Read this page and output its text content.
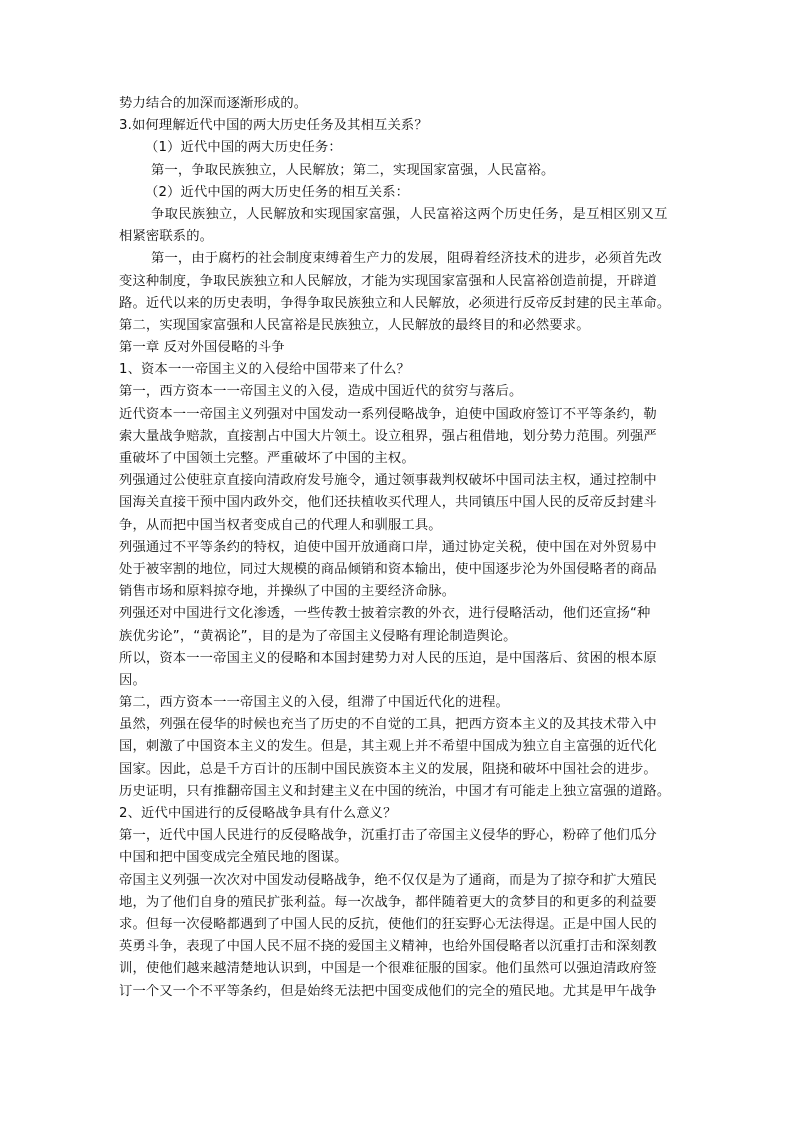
势力结合的加深而逐渐形成的。
3.如何理解近代中国的两大历史任务及其相互关系？
（1）近代中国的两大历史任务：
第一，争取民族独立，人民解放；第二，实现国家富强，人民富裕。
（2）近代中国的两大历史任务的相互关系：
争取民族独立，人民解放和实现国家富强，人民富裕这两个历史任务，是互相区别又互
相紧密联系的。
第一，由于腐朽的社会制度束缚着生产力的发展，阻碍着经济技术的进步，必须首先改
变这种制度，争取民族独立和人民解放，才能为实现国家富强和人民富裕创造前提，开辟道
路。近代以来的历史表明，争得争取民族独立和人民解放，必须进行反帝反封建的民主革命。
第二，实现国家富强和人民富裕是民族独立，人民解放的最终目的和必然要求。
第一章 反对外国侵略的斗争
1、资本一一帝国主义的入侵给中国带来了什么？
第一，西方资本一一帝国主义的入侵，造成中国近代的贫穷与落后。
近代资本一一帝国主义列强对中国发动一系列侵略战争，迫使中国政府签订不平等条约，勒
索大量战争赔款，直接割占中国大片领土。设立租界，强占租借地，划分势力范围。列强严
重破坏了中国领土完整。严重破坏了中国的主权。
列强通过公使驻京直接向清政府发号施令，通过领事裁判权破坏中国司法主权，通过控制中
国海关直接干预中国内政外交，他们还扶植收买代理人，共同镇压中国人民的反帝反封建斗
争，从而把中国当权者变成自己的代理人和驯服工具。
列强通过不平等条约的特权，迫使中国开放通商口岸，通过协定关税，使中国在对外贸易中
处于被宰割的地位，同过大规模的商品倾销和资本输出，使中国逐步沦为外国侵略者的商品
销售市场和原料掠夺地，并操纵了中国的主要经济命脉。
列强还对中国进行文化渗透，一些传教士披着宗教的外衣，进行侵略活动，他们还宣扬“种
族优劣论”，“黄祸论”，目的是为了帝国主义侵略有理论制造舆论。
所以，资本一一帝国主义的侵略和本国封建势力对人民的压迫，是中国落后、贫困的根本原
因。
第二，西方资本一一帝国主义的入侵，组滞了中国近代化的进程。
虽然，列强在侵华的时候也充当了历史的不自觉的工具，把西方资本主义的及其技术带入中
国，刺激了中国资本主义的发生。但是，其主观上并不希望中国成为独立自主富强的近代化
国家。因此，总是千方百计的压制中国民族资本主义的发展，阻挠和破坏中国社会的进步。
历史证明，只有推翻帝国主义和封建主义在中国的统治，中国才有可能走上独立富强的道路。
2、近代中国进行的反侵略战争具有什么意义？
第一，近代中国人民进行的反侵略战争，沉重打击了帝国主义侵华的野心，粉碎了他们瓜分
中国和把中国变成完全殖民地的图谋。
帝国主义列强一次次对中国发动侵略战争，绝不仅仅是为了通商，而是为了掠夺和扩大殖民
地，为了他们自身的殖民扩张利益。每一次战争，都伴随着更大的贪梦目的和更多的利益要
求。但每一次侵略都遇到了中国人民的反抗，使他们的狂妄野心无法得逞。正是中国人民的
英勇斗争，表现了中国人民不屈不挠的爱国主义精神，也给外国侵略者以沉重打击和深刻教
训，使他们越来越清楚地认识到，中国是一个很难征服的国家。他们虽然可以强迫清政府签
订一个又一个不平等条约，但是始终无法把中国变成他们的完全的殖民地。尤其是甲午战争
